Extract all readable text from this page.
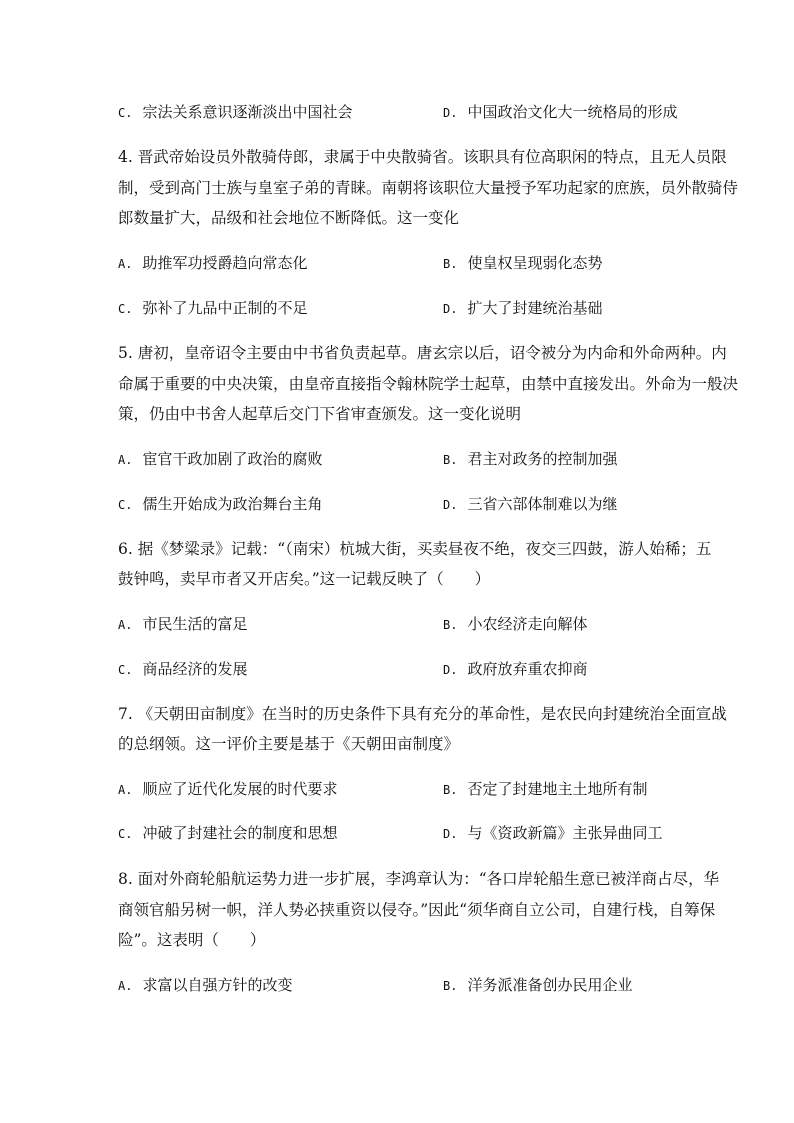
C. 宗法关系意识逐渐淡出中国社会	D. 中国政治文化大一统格局的形成
4. 晋武帝始设员外散骑侍郎，隶属于中央散骑省。该职具有位高职闲的特点，且无人员限
制，受到高门士族与皇室子弟的青睐。南朝将该职位大量授予军功起家的庶族，员外散骑侍
郎数量扩大，品级和社会地位不断降低。这一变化
A. 助推军功授爵趋向常态化	B. 使皇权呈现弱化态势
C. 弥补了九品中正制的不足	D. 扩大了封建统治基础
5. 唐初，皇帝诏令主要由中书省负责起草。唐玄宗以后，诏令被分为内命和外命两种。内
命属于重要的中央决策，由皇帝直接指令翰林院学士起草，由禁中直接发出。外命为一般决
策，仍由中书舍人起草后交门下省审查颁发。这一变化说明
A. 宦官干政加剧了政治的腐败	B. 君主对政务的控制加强
C. 儒生开始成为政治舞台主角	D. 三省六部体制难以为继
6. 据《梦粱录》记载：“（南宋）杭城大街，买卖昼夜不绝，夜交三四鼓，游人始稀；五
鼓钟鸣，卖早市者又开店矣。”这一记载反映了（　　）
A. 市民生活的富足	B. 小农经济走向解体
C. 商品经济的发展	D. 政府放弃重农抑商
7. 《天朝田亩制度》在当时的历史条件下具有充分的革命性，是农民向封建统治全面宣战
的总纲领。这一评价主要是基于《天朝田亩制度》
A. 顺应了近代化发展的时代要求	B. 否定了封建地主土地所有制
C. 冲破了封建社会的制度和思想	D. 与《资政新篇》主张异曲同工
8. 面对外商轮船航运势力进一步扩展，李鸿章认为：“各口岸轮船生意已被洋商占尽，华
商领官船另树一帜，洋人势必挟重资以侵夺。”因此“须华商自立公司，自建行栈，自筹保
险”。这表明（　　）
A. 求富以自强方针的改变	B. 洋务派准备创办民用企业
